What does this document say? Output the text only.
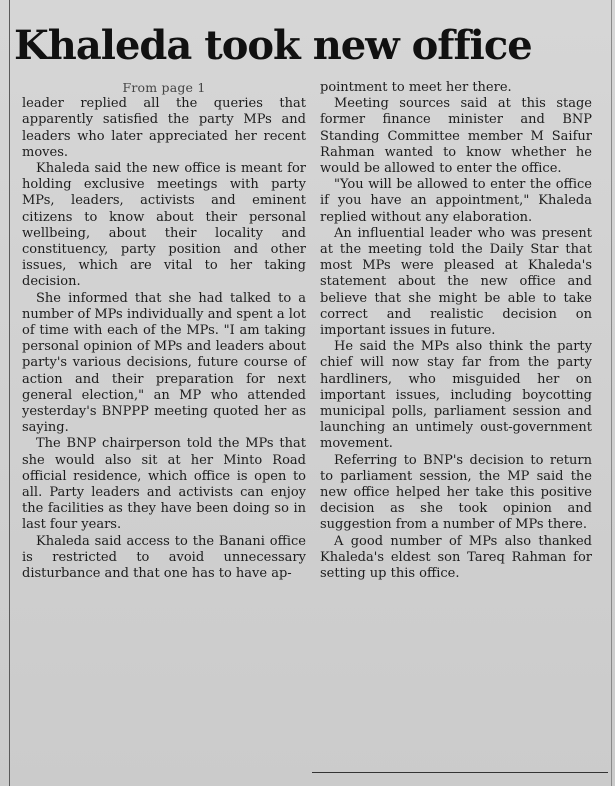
Khaleda took new office
From page 1

leader replied all the queries that apparently satisfied the party MPs and leaders who later appreciated her recent moves.

Khaleda said the new office is meant for holding exclusive meetings with party MPs, leaders, activists and eminent citizens to know about their personal wellbeing, about their locality and constituency, party position and other issues, which are vital to her taking decision.

She informed that she had talked to a number of MPs individually and spent a lot of time with each of the MPs. "I am taking personal opinion of MPs and leaders about party's various decisions, future course of action and their preparation for next general election," an MP who attended yesterday's BNPPP meeting quoted her as saying.

The BNP chairperson told the MPs that she would also sit at her Minto Road official residence, which office is open to all. Party leaders and activists can enjoy the facilities as they have been doing so in last four years.

Khaleda said access to the Banani office is restricted to avoid unnecessary disturbance and that one has to have ap-

pointment to meet her there.

Meeting sources said at this stage former finance minister and BNP Standing Committee member M Saifur Rahman wanted to know whether he would be allowed to enter the office.

"You will be allowed to enter the office if you have an appointment," Khaleda replied without any elaboration.

An influential leader who was present at the meeting told the Daily Star that most MPs were pleased at Khaleda's statement about the new office and believe that she might be able to take correct and realistic decision on important issues in future.

He said the MPs also think the party chief will now stay far from the party hardliners, who misguided her on important issues, including boycotting municipal polls, parliament session and launching an untimely oust-government movement.

Referring to BNP's decision to return to parliament session, the MP said the new office helped her take this positive decision as she took opinion and suggestion from a number of MPs there.

A good number of MPs also thanked Khaleda's eldest son Tareq Rahman for setting up this office.
